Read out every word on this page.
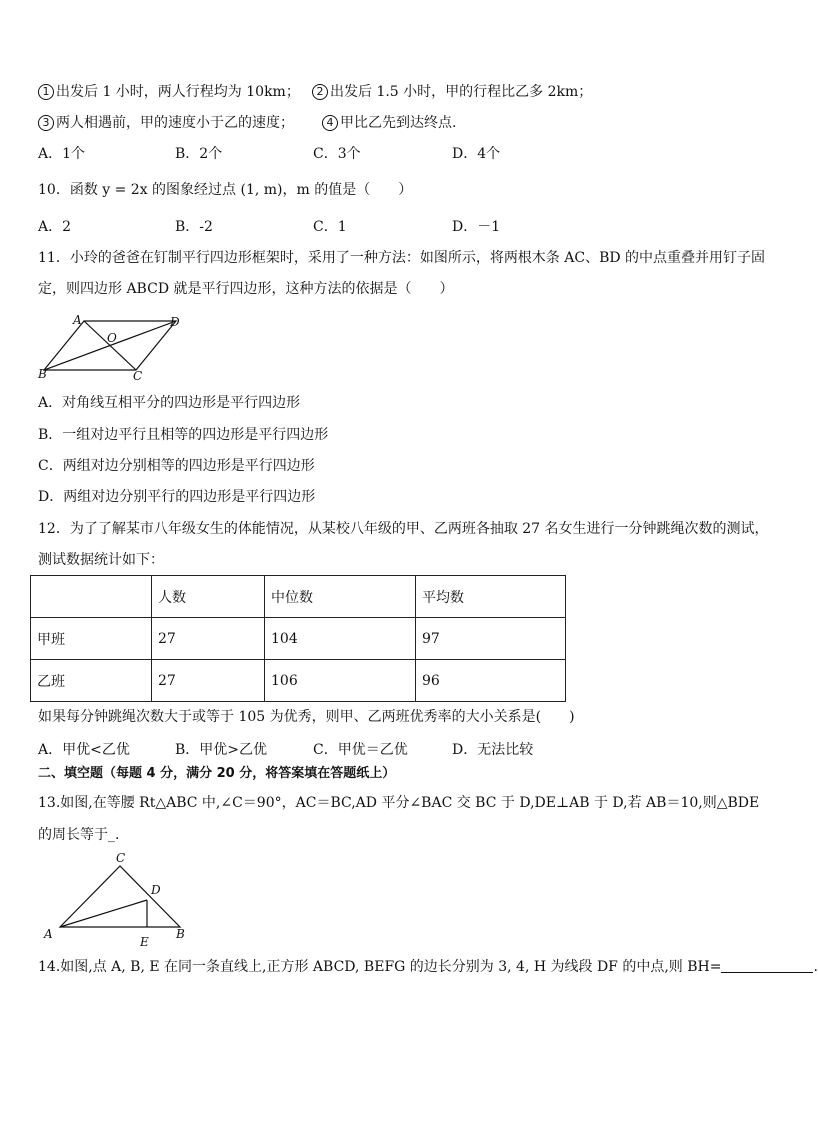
1 出发后 1 小时，两人行程均为 10km；	2 出发后 1.5 小时，甲的行程比乙多 2km；
3 两人相遇前，甲的速度小于乙的速度；	4 甲比乙先到达终点.
A．1个	B．2个	C．3个	D．4个
10．函数 y = 2x 的图象经过点 (1, m)，m 的值是（　　）
A．2	B．-2	C．1	D．－1
11．小玲的爸爸在钉制平行四边形框架时，采用了一种方法：如图所示，将两根木条 AC、BD 的中点重叠并用钉子固
定，则四边形 ABCD 就是平行四边形，这种方法的依据是（　　）
A	D
O
B	C
A．对角线互相平分的四边形是平行四边形
B．一组对边平行且相等的四边形是平行四边形
C．两组对边分别相等的四边形是平行四边形
D．两组对边分别平行的四边形是平行四边形
12．为了了解某市八年级女生的体能情况，从某校八年级的甲、乙两班各抽取 27 名女生进行一分钟跳绳次数的测试，
测试数据统计如下：
	人数	中位数	平均数
甲班	27	104	97
乙班	27	106	96
如果每分钟跳绳次数大于或等于 105 为优秀，则甲、乙两班优秀率的大小关系是(　　)
A．甲优<乙优	B．甲优>乙优	C．甲优＝乙优	D．无法比较
二、填空题（每题 4 分，满分 20 分，将答案填在答题纸上）
13.如图,在等腰 Rt△ABC 中,∠C＝90°，AC＝BC,AD 平分∠BAC 交 BC 于 D,DE⊥AB 于 D,若 AB＝10,则△BDE
的周长等于_.
C
D
A
E
B
14.如图,点 A, B, E 在同一条直线上,正方形 ABCD, BEFG 的边长分别为 3, 4, H 为线段 DF 的中点,则 BH=	.
